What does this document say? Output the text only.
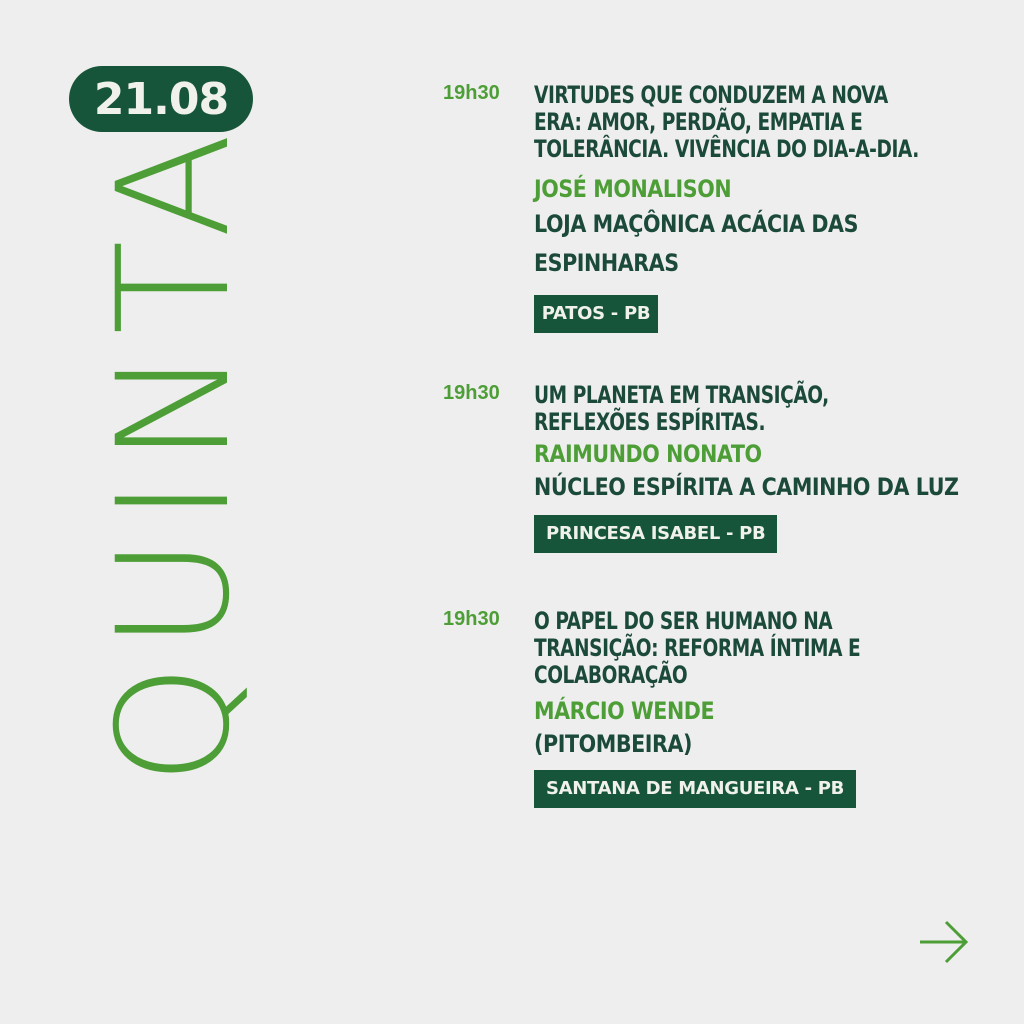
21.08
QUINTA
19h30 VIRTUDES QUE CONDUZEM A NOVA ERA: AMOR, PERDÃO, EMPATIA E TOLERÂNCIA. VIVÊNCIA DO DIA-A-DIA.
JOSÉ MONALISON
LOJA MAÇÔNICA ACÁCIA DAS ESPINHARAS
PATOS - PB
19h30 UM PLANETA EM TRANSIÇÃO, REFLEXÕES ESPÍRITAS.
RAIMUNDO NONATO
NÚCLEO ESPÍRITA A CAMINHO DA LUZ
PRINCESA ISABEL - PB
19h30 O PAPEL DO SER HUMANO NA TRANSIÇÃO: REFORMA ÍNTIMA E COLABORAÇÃO
MÁRCIO WENDE
(PITOMBEIRA)
SANTANA DE MANGUEIRA - PB
